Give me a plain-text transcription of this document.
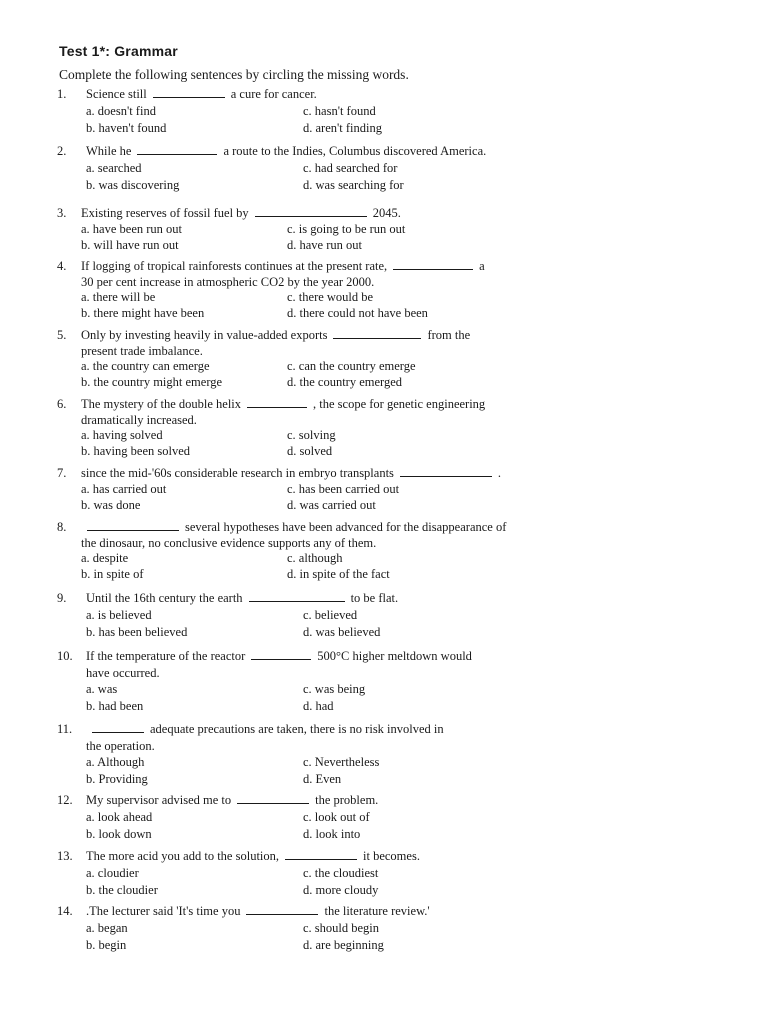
Test 1*: Grammar
Complete the following sentences by circling the missing words.
1. Science still	a cure for cancer.
a. doesn't find
b. haven't found
c. hasn't found
d. aren't finding
2. While he	a route to the Indies, Columbus discovered America.
a. searched
b. was discovering
c. had searched for
d. was searching for
3. Existing reserves of fossil fuel by	2045.
a. have been run out
b. will have run out
c. is going to be run out
d. have run out
4. If logging of tropical rainforests continues at the present rate,	a
30 per cent increase in atmospheric CO2 by the year 2000.
a. there will be
b. there might have been
c. there would be
d. there could not have been
5. Only by investing heavily in value-added exports	from the
present trade imbalance.
a. the country can emerge
b. the country might emerge
c. can the country emerge
d. the country emerged
6. The mystery of the double helix	, the scope for genetic engineering
dramatically increased.
a. having solved
b. having been solved
c. solving
d. solved
7. since the mid-'60s considerable research in embryo transplants	.
a. has carried out
b. was done
c. has been carried out
d. was carried out
8.	several hypotheses have been advanced for the disappearance of
the dinosaur, no conclusive evidence supports any of them.
a. despite
b. in spite of
c. although
d. in spite of the fact
9. Until the 16th century the earth	to be flat.
a. is believed
b. has been believed
c. believed
d. was believed
10. If the temperature of the reactor	500°C higher meltdown would
have occurred.
a. was
b. had been
c. was being
d. had
11.	adequate precautions are taken, there is no risk involved in
the operation.
a. Although
b. Providing
c. Nevertheless
d. Even
12. My supervisor advised me to	the problem.
a. look ahead
b. look down
c. look out of
d. look into
13. The more acid you add to the solution,	it becomes.
a. cloudier
b. the cloudier
c. the cloudiest
d. more cloudy
14. .The lecturer said 'It's time you	the literature review.'
a. began
b. begin
c. should begin
d. are beginning
